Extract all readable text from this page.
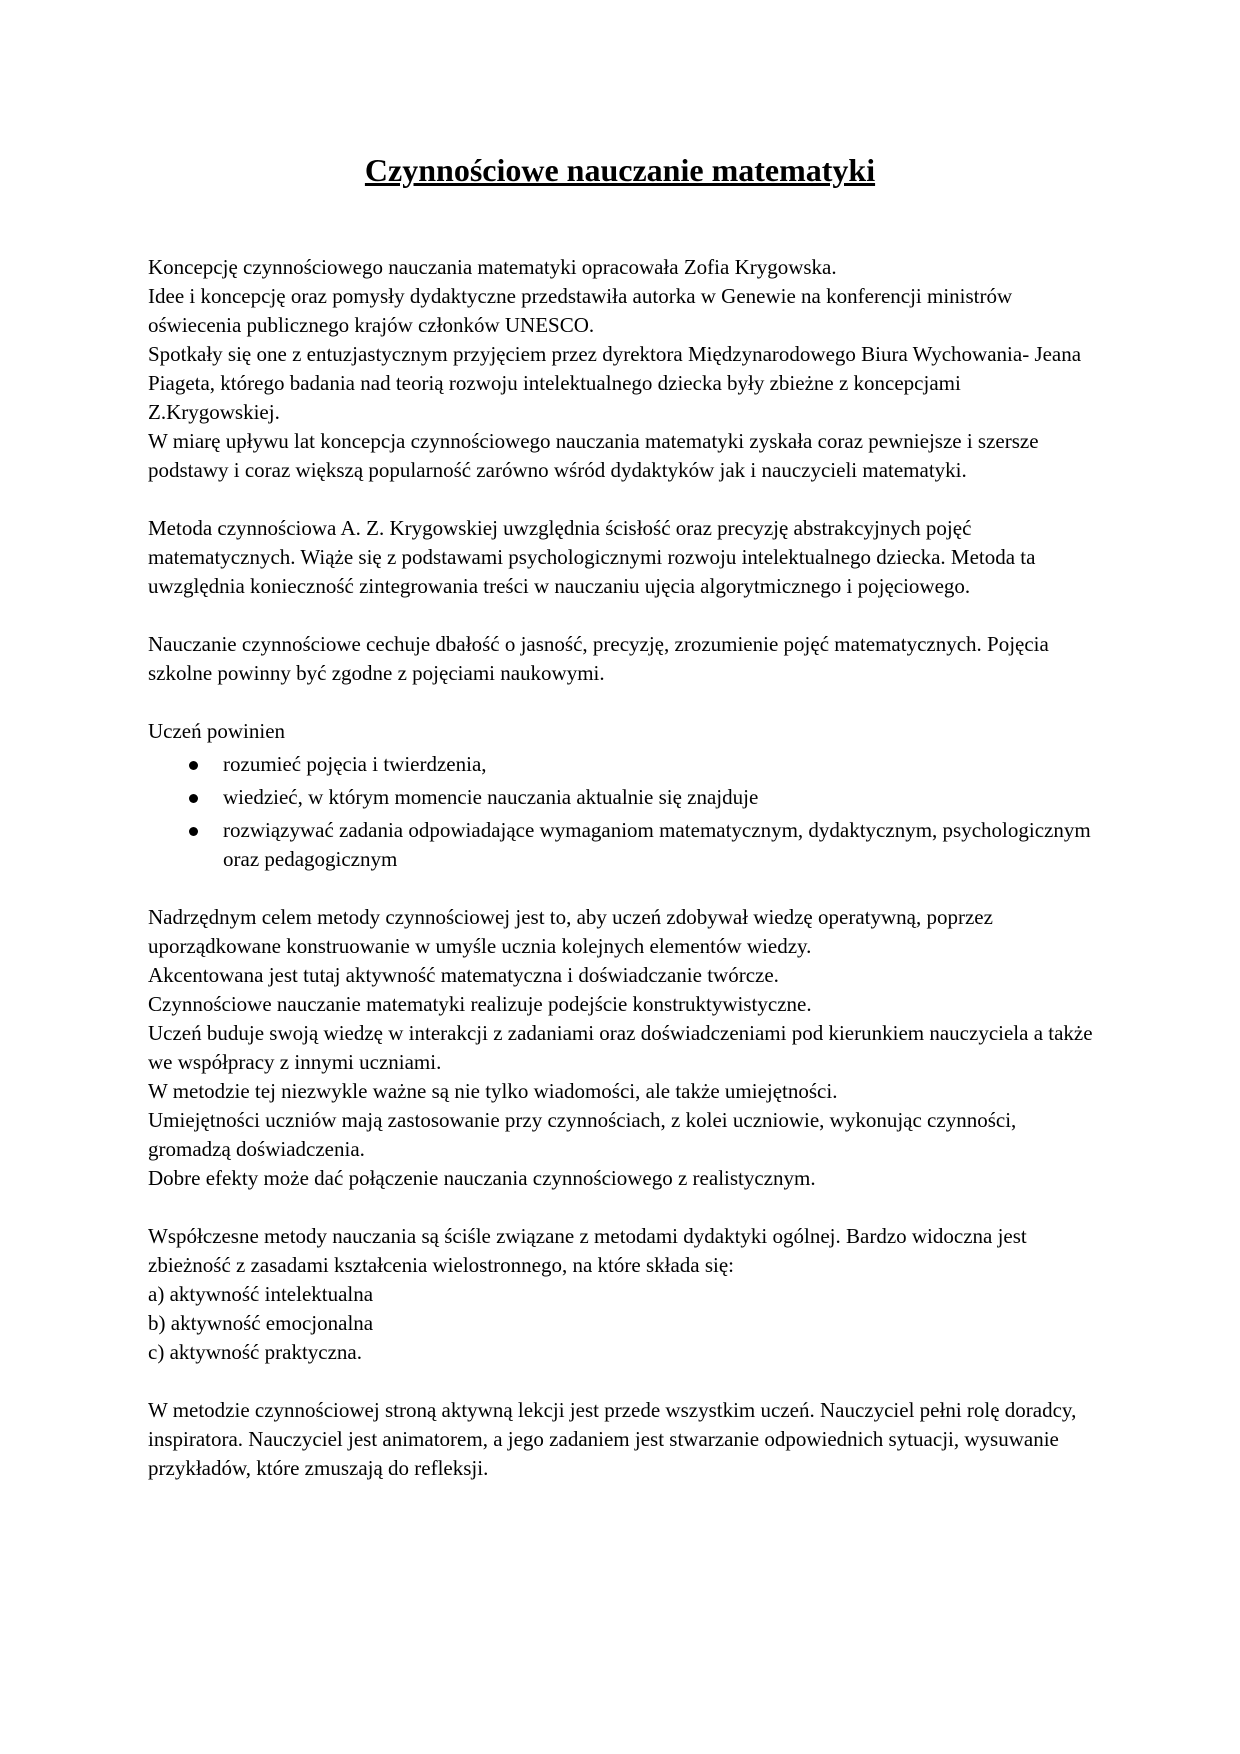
Czynnościowe nauczanie matematyki

Koncepcję czynnościowego nauczania matematyki opracowała Zofia Krygowska.

Idee i koncepcję oraz pomysły dydaktyczne przedstawiła autorka w Genewie na konferencji ministrów oświecenia publicznego krajów członków UNESCO.

Spotkały się one z entuzjastycznym przyjęciem przez dyrektora Międzynarodowego Biura Wychowania- Jeana Piageta, którego badania nad teorią rozwoju intelektualnego dziecka były zbieżne z koncepcjami Z.Krygowskiej.

W miarę upływu lat koncepcja czynnościowego nauczania matematyki zyskała coraz pewniejsze i szersze podstawy i coraz większą popularność zarówno wśród dydaktyków jak i nauczycieli matematyki.

Metoda czynnościowa A. Z. Krygowskiej uwzględnia ścisłość oraz precyzję abstrakcyjnych pojęć matematycznych. Wiąże się z podstawami psychologicznymi rozwoju intelektualnego dziecka. Metoda ta uwzględnia konieczność zintegrowania treści w nauczaniu ujęcia algorytmicznego i pojęciowego.

Nauczanie czynnościowe cechuje dbałość o jasność, precyzję, zrozumienie pojęć matematycznych. Pojęcia szkolne powinny być zgodne z pojęciami naukowymi.

Uczeń powinien

rozumieć pojęcia i twierdzenia,
wiedzieć, w którym momencie nauczania aktualnie się znajduje
rozwiązywać zadania odpowiadające wymaganiom matematycznym, dydaktycznym, psychologicznym oraz pedagogicznym

Nadrzędnym celem metody czynnościowej jest to, aby uczeń zdobywał wiedzę operatywną, poprzez uporządkowane konstruowanie w umyśle ucznia kolejnych elementów wiedzy.

Akcentowana jest tutaj aktywność matematyczna i doświadczanie twórcze.

Czynnościowe nauczanie matematyki realizuje podejście konstruktywistyczne.

Uczeń buduje swoją wiedzę w interakcji z zadaniami oraz doświadczeniami pod kierunkiem nauczyciela a także we współpracy z innymi uczniami.

W metodzie tej niezwykle ważne są nie tylko wiadomości, ale także umiejętności.

Umiejętności uczniów mają zastosowanie przy czynnościach, z kolei uczniowie, wykonując czynności, gromadzą doświadczenia.

Dobre efekty może dać połączenie nauczania czynnościowego z realistycznym.

Współczesne metody nauczania są ściśle związane z metodami dydaktyki ogólnej. Bardzo widoczna jest zbieżność z zasadami kształcenia wielostronnego, na które składa się:

a) aktywność intelektualna

b) aktywność emocjonalna

c) aktywność praktyczna.

W metodzie czynnościowej stroną aktywną lekcji jest przede wszystkim uczeń. Nauczyciel pełni rolę doradcy, inspiratora. Nauczyciel jest animatorem, a jego zadaniem jest stwarzanie odpowiednich sytuacji, wysuwanie przykładów, które zmuszają do refleksji.
